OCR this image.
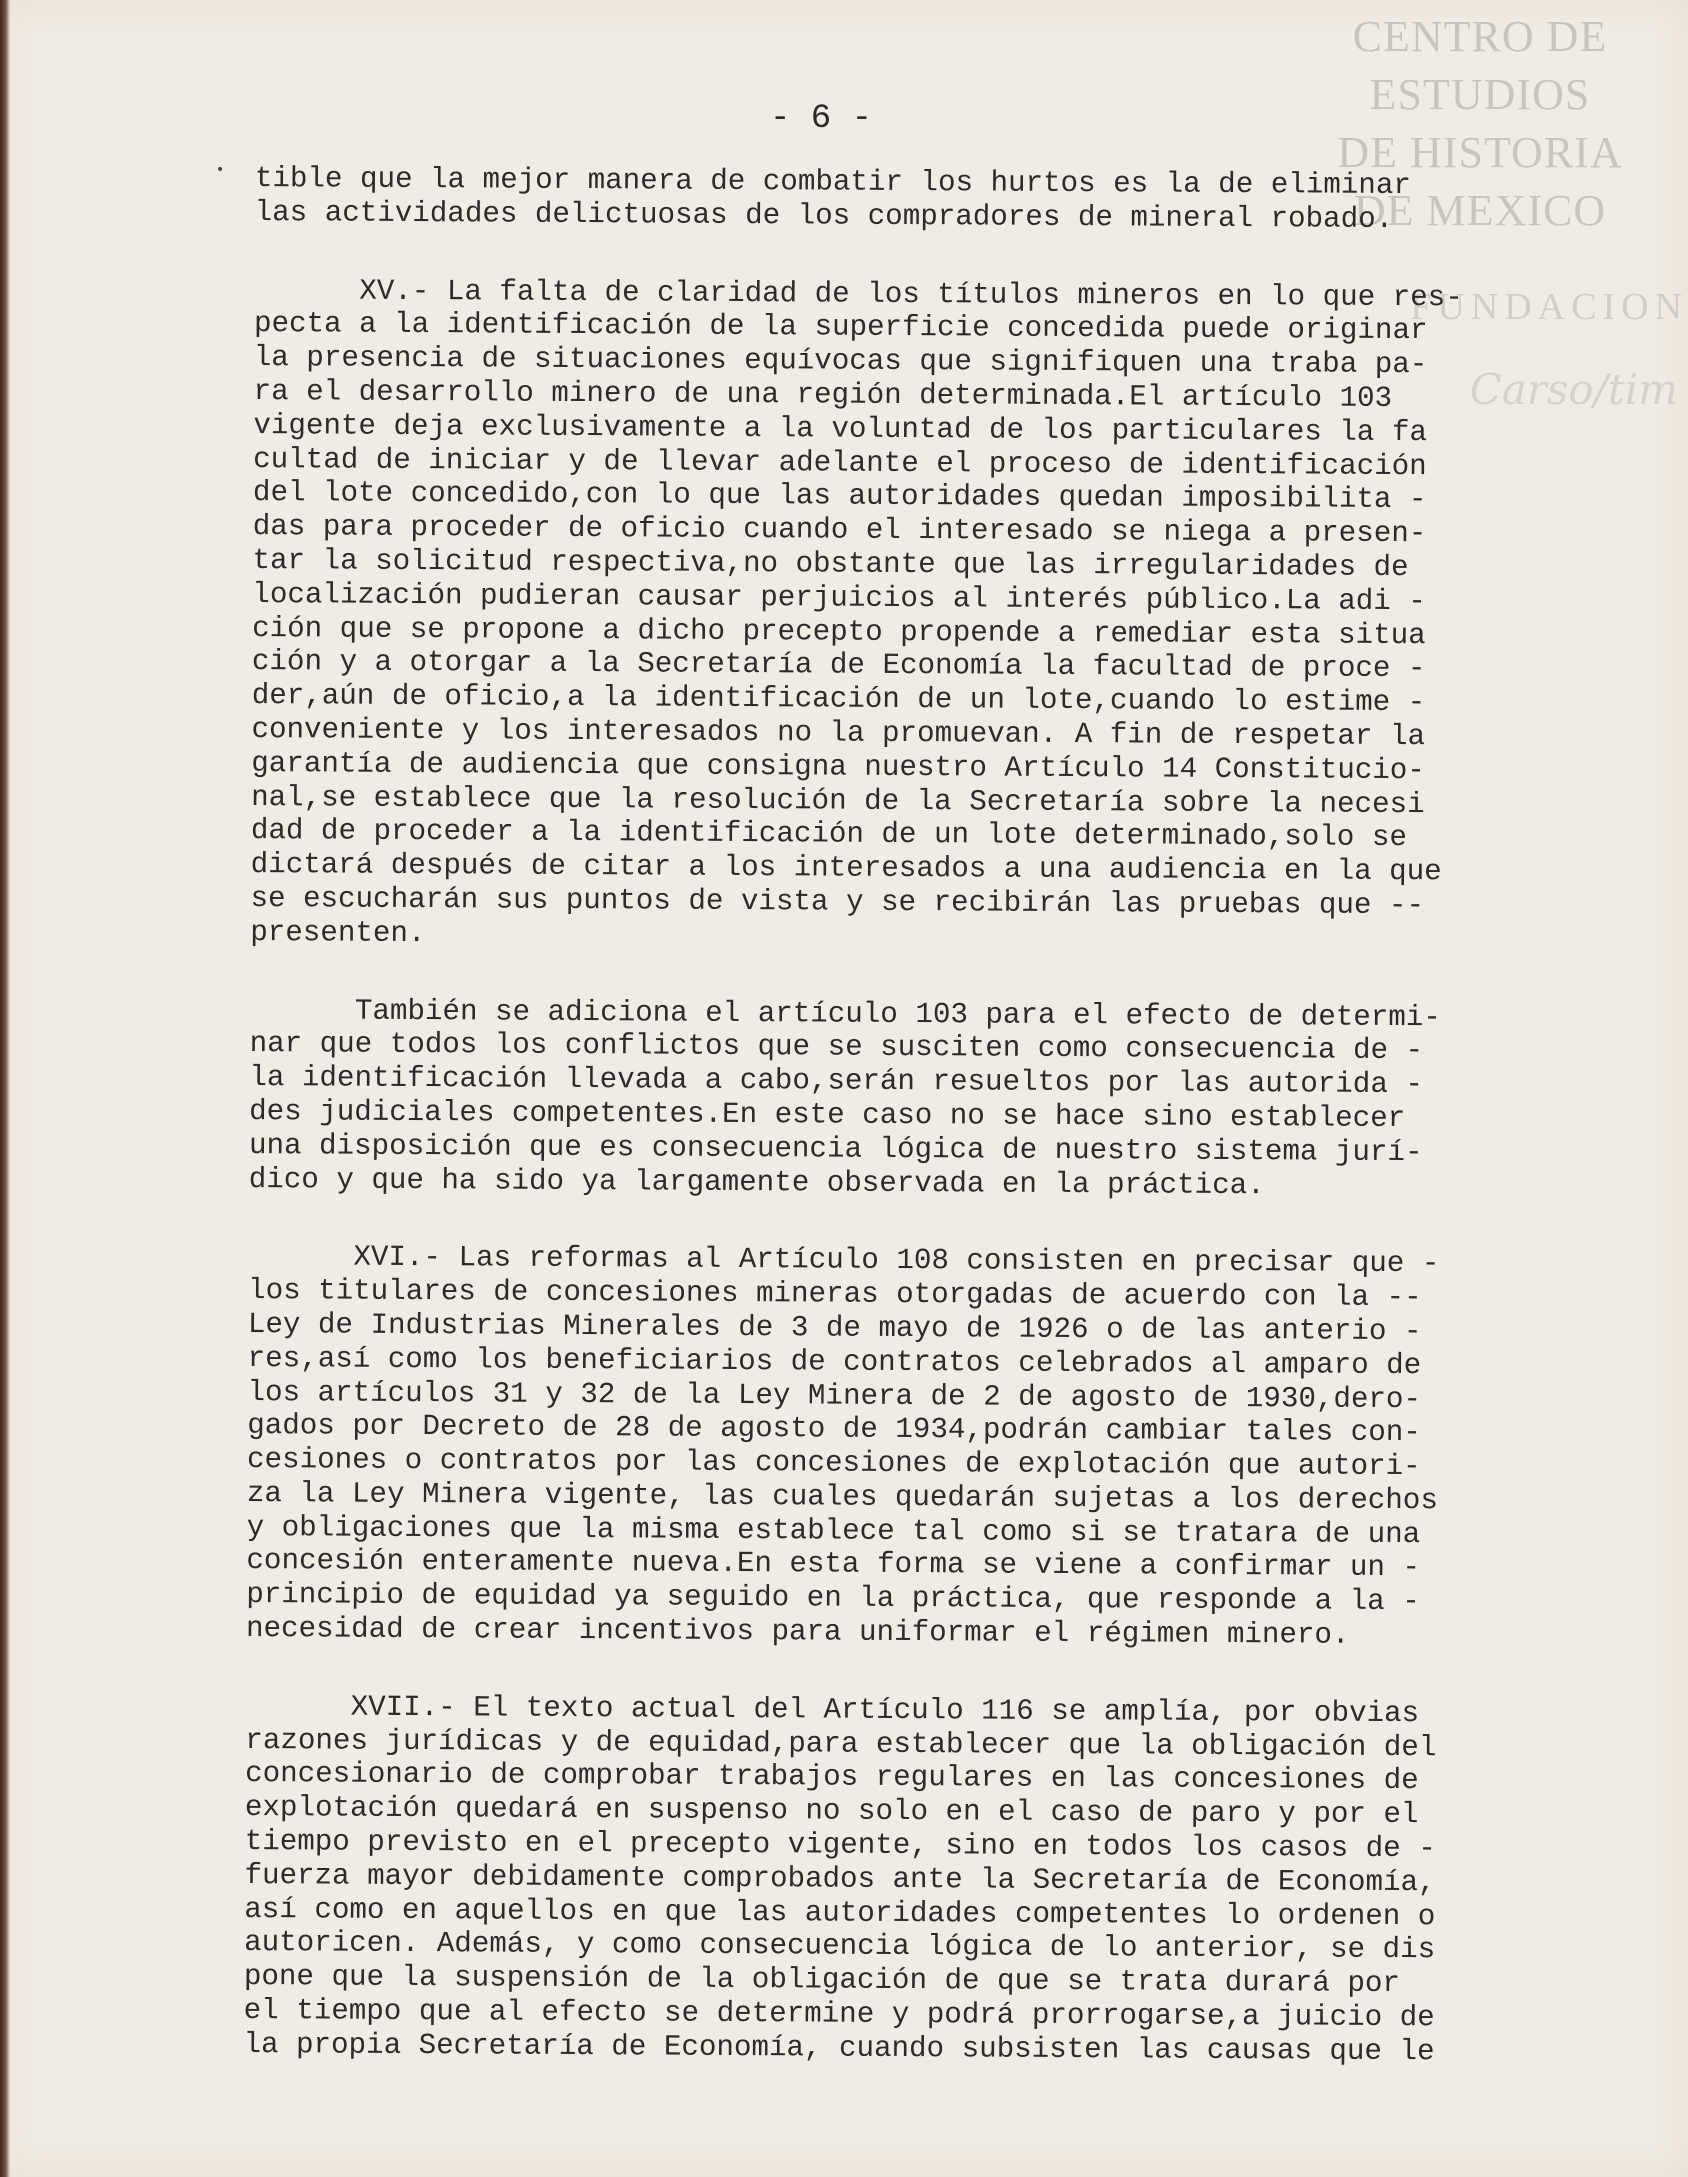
CENTRO DE
ESTUDIOS
DE HISTORIA
DE MEXICO
FUNDACION
Carso/tim
- 6 -
• tible que la mejor manera de combatir los hurtos es la de eliminar
las actividades delictuosas de los compradores de mineral robado.
XV.- La falta de claridad de los títulos mineros en lo que res-
pecta a la identificación de la superficie concedida puede originar
la presencia de situaciones equívocas que signifiquen una traba pa-
ra el desarrollo minero de una región determinada.El artículo 103
vigente deja exclusivamente a la voluntad de los particulares la fa
cultad de iniciar y de llevar adelante el proceso de identificación
del lote concedido,con lo que las autoridades quedan imposibilita -
das para proceder de oficio cuando el interesado se niega a presen-
tar la solicitud respectiva,no obstante que las irregularidades de
localización pudieran causar perjuicios al interés público.La adi -
ción que se propone a dicho precepto propende a remediar esta situa
ción y a otorgar a la Secretaría de Economía la facultad de proce -
der,aún de oficio,a la identificación de un lote,cuando lo estime -
conveniente y los interesados no la promuevan. A fin de respetar la
garantía de audiencia que consigna nuestro Artículo 14 Constitucio-
nal,se establece que la resolución de la Secretaría sobre la necesi
dad de proceder a la identificación de un lote determinado,solo se
dictará después de citar a los interesados a una audiencia en la que
se escucharán sus puntos de vista y se recibirán las pruebas que --
presenten.
También se adiciona el artículo 103 para el efecto de determi-
nar que todos los conflictos que se susciten como consecuencia de -
la identificación llevada a cabo,serán resueltos por las autorida -
des judiciales competentes.En este caso no se hace sino establecer
una disposición que es consecuencia lógica de nuestro sistema jurí-
dico y que ha sido ya largamente observada en la práctica.
XVI.- Las reformas al Artículo 108 consisten en precisar que -
los titulares de concesiones mineras otorgadas de acuerdo con la --
Ley de Industrias Minerales de 3 de mayo de 1926 o de las anterio -
res,así como los beneficiarios de contratos celebrados al amparo de
los artículos 31 y 32 de la Ley Minera de 2 de agosto de 1930,dero-
gados por Decreto de 28 de agosto de 1934,podrán cambiar tales con-
cesiones o contratos por las concesiones de explotación que autori-
za la Ley Minera vigente, las cuales quedarán sujetas a los derechos
y obligaciones que la misma establece tal como si se tratara de una
concesión enteramente nueva.En esta forma se viene a confirmar un -
principio de equidad ya seguido en la práctica, que responde a la -
necesidad de crear incentivos para uniformar el régimen minero.
XVII.- El texto actual del Artículo 116 se amplía, por obvias
razones jurídicas y de equidad,para establecer que la obligación del
concesionario de comprobar trabajos regulares en las concesiones de
explotación quedará en suspenso no solo en el caso de paro y por el
tiempo previsto en el precepto vigente, sino en todos los casos de -
fuerza mayor debidamente comprobados ante la Secretaría de Economía,
así como en aquellos en que las autoridades competentes lo ordenen o
autoricen. Además, y como consecuencia lógica de lo anterior, se dis
pone que la suspensión de la obligación de que se trata durará por
el tiempo que al efecto se determine y podrá prorrogarse,a juicio de
la propia Secretaría de Economía, cuando subsisten las causas que le
